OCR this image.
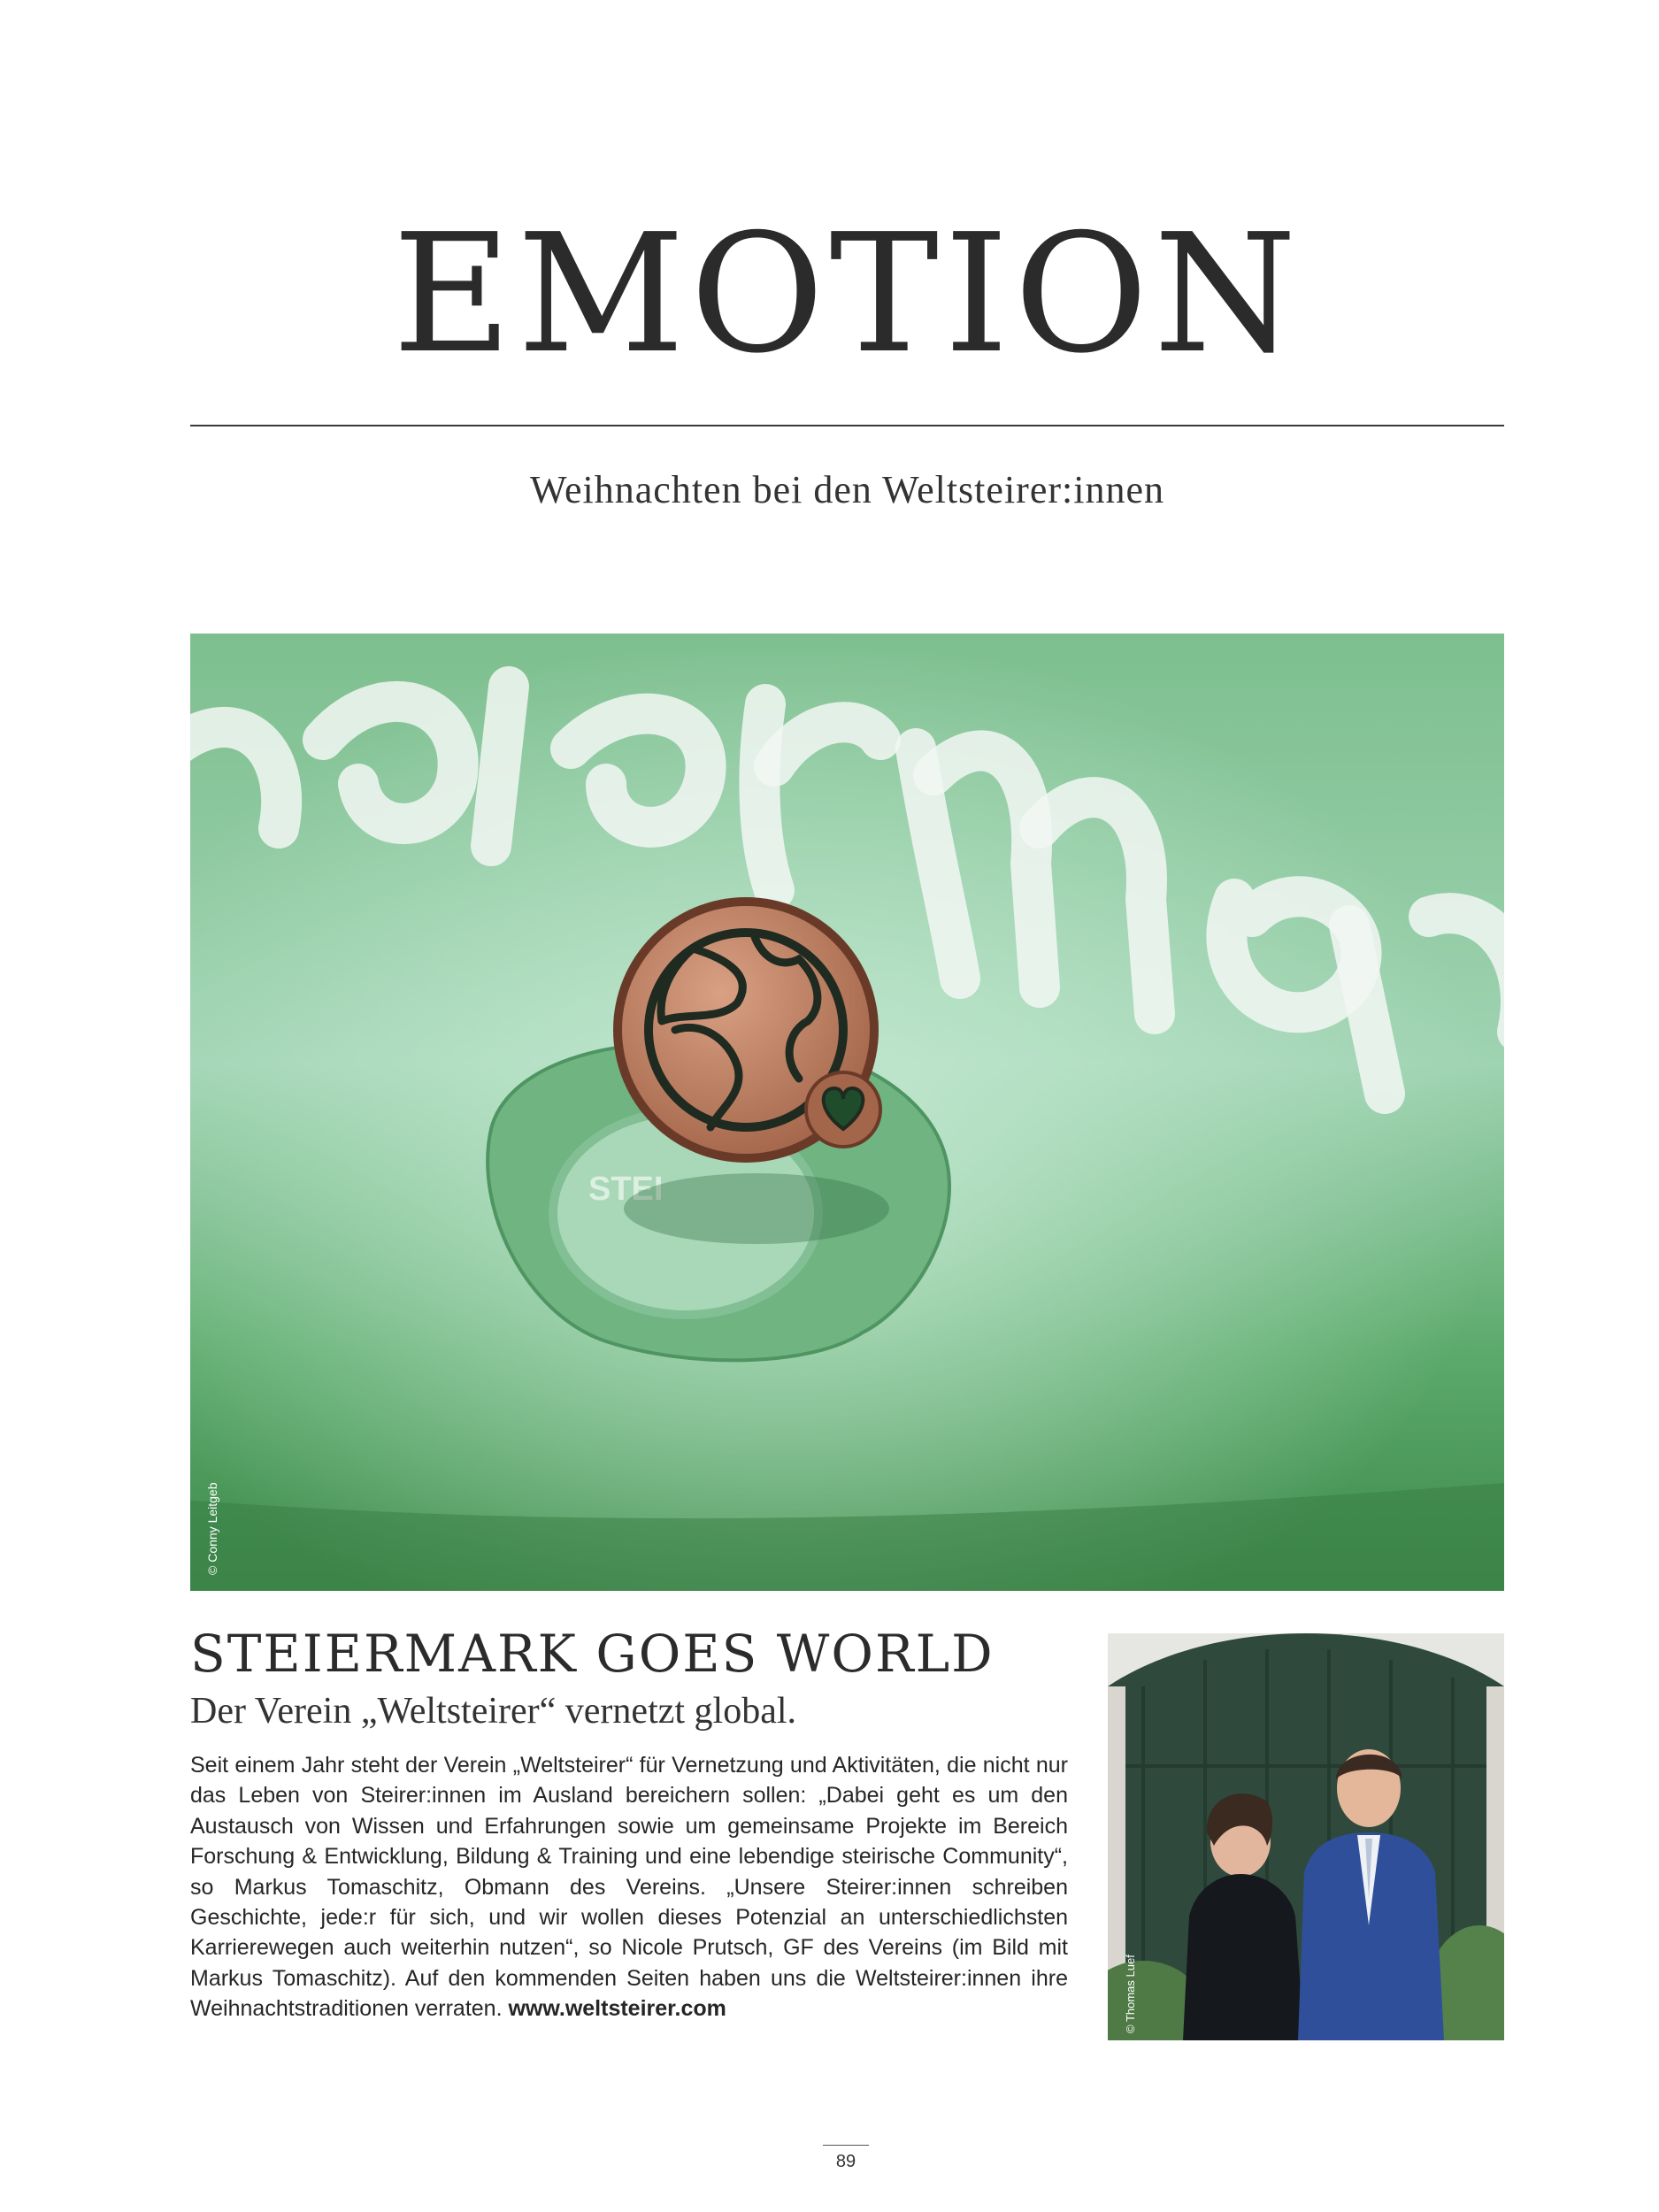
EMOTION
Weihnachten bei den Weltsteirer:innen
STEI
© Conny Leitgeb
STEIERMARK GOES WORLD
Der Verein „Weltsteirer“ vernetzt global.
Seit einem Jahr steht der Verein „Weltsteirer“ für Vernetzung und Aktivitäten, die nicht nur das Leben von Steirer:innen im Ausland bereichern sollen: „Dabei geht es um den Austausch von Wissen und Erfahrungen sowie um gemeinsame Projekte im Bereich Forschung & Entwicklung, Bildung & Training und eine lebendige steirische Community“, so Markus Tomaschitz, Obmann des Vereins. „Unsere Steirer:innen schreiben Geschichte, jede:r für sich, und wir wollen dieses Potenzial an unterschiedlichsten Karrierewegen auch weiterhin nutzen“, so Nicole Prutsch, GF des Vereins (im Bild mit Markus Tomaschitz). Auf den kommenden Seiten haben uns die Weltsteirer:innen ihre Weihnachtstraditionen verraten. www.weltsteirer.com	© Thomas Luef
89
